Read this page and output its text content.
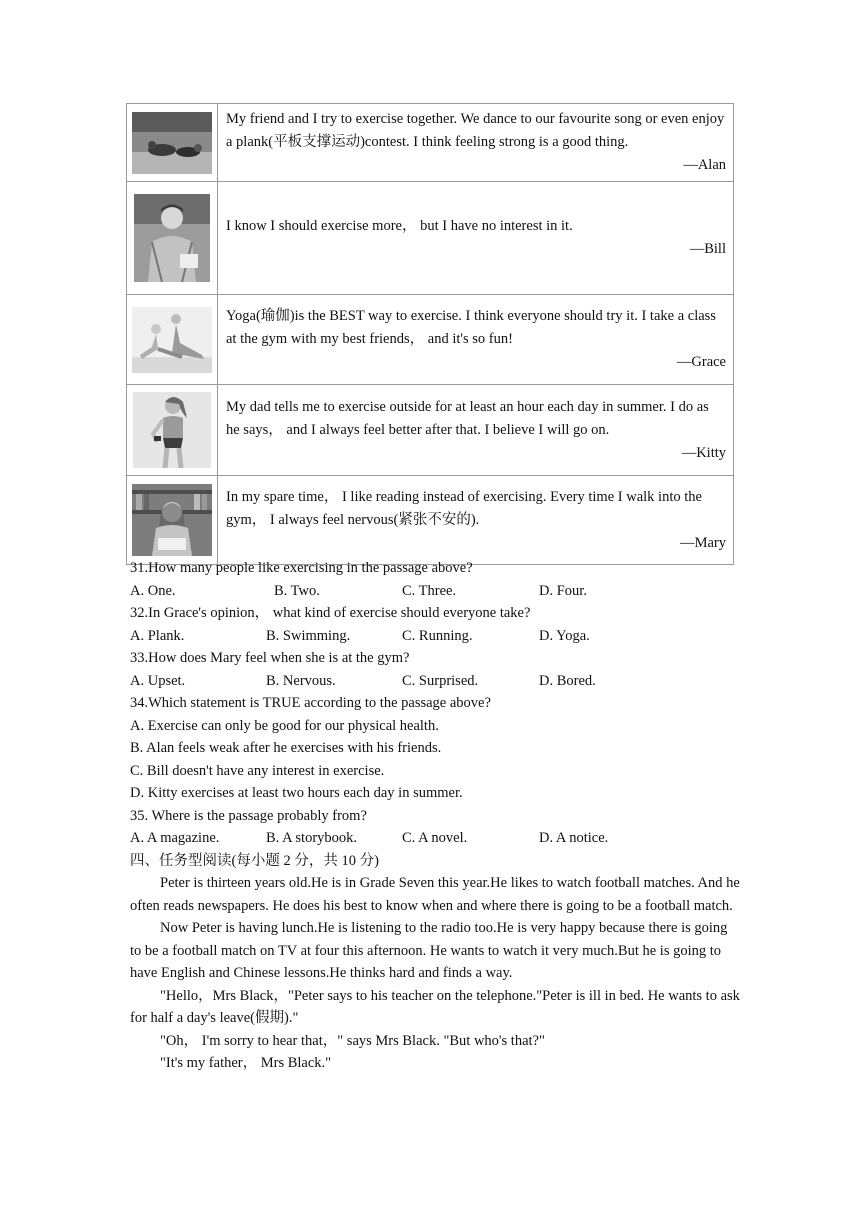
My friend and I try to exercise together. We dance to our favourite song or even enjoy a plank(平板支撑运动)contest. I think feeling strong is a good thing.
—Alan

I know I should exercise more， but I have no interest in it.
—Bill

Yoga(瑜伽)is the BEST way to exercise. I think everyone should try it. I take a class at the gym with my best friends， and it's so fun!
—Grace

My dad tells me to exercise outside for at least an hour each day in summer. I do as he says， and I always feel better after that. I believe I will go on.
—Kitty

In my spare time， I like reading instead of exercising. Every time I walk into the gym， I always feel nervous(紧张不安的).
—Mary
31.How many people like exercising in the passage above?
A. One.	B. Two.	C. Three.	D. Four.
32.In Grace's opinion， what kind of exercise should everyone take?
A. Plank.	B. Swimming.	C. Running.	D. Yoga.
33.How does Mary feel when she is at the gym?
A. Upset.	B. Nervous.	C. Surprised.	D. Bored.
34.Which statement is TRUE according to the passage above?
A. Exercise can only be good for our physical health.
B. Alan feels weak after he exercises with his friends.
C. Bill doesn't have any interest in exercise.
D. Kitty exercises at least two hours each day in summer.
35. Where is the passage probably from?
A. A magazine.	B. A storybook.	C. A novel.	D. A notice.
四、任务型阅读(每小题 2 分，共 10 分)
Peter is thirteen years old.He is in Grade Seven this year.He likes to watch football matches. And he often reads newspapers. He does his best to know when and where there is going to be a football match.
Now Peter is having lunch.He is listening to the radio too.He is very happy because there is going to be a football match on TV at four this afternoon. He wants to watch it very much.But he is going to have English and Chinese lessons.He thinks hard and finds a way.
"Hello，Mrs Black，"Peter says to his teacher on the telephone."Peter is ill in bed. He wants to ask for half a day's leave(假期)."
"Oh， I'm sorry to hear that，" says Mrs Black. "But who's that?"
"It's my father， Mrs Black."
